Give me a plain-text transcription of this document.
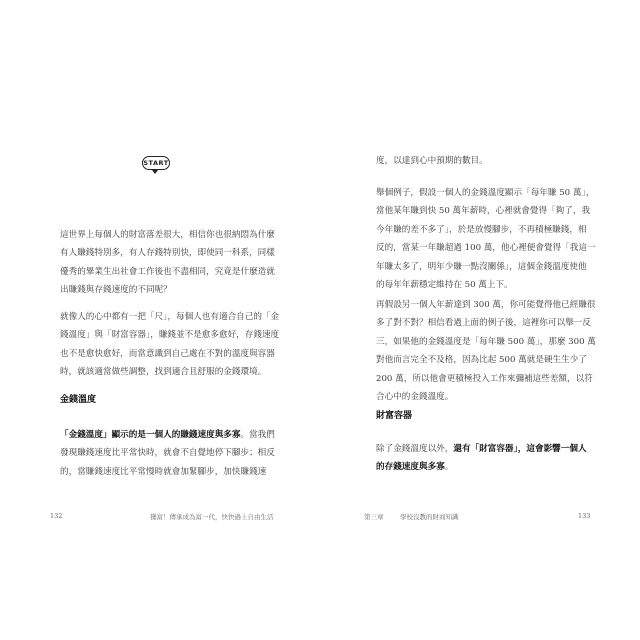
START
這世界上每個人的財富落差很大，相信你也很納悶為什麼
有人賺錢特別多，有人存錢特別快，即使同一科系，同樣
優秀的畢業生出社會工作後也不盡相同，究竟是什麼造就
出賺錢與存錢速度的不同呢？
就像人的心中都有一把「尺」，每個人也有適合自己的「金
錢溫度」與「財富容器」，賺錢並不是愈多愈好，存錢速度
也不是愈快愈好，而當意識到自己處在不對的溫度與容器
時，就該適當做些調整，找到適合且舒服的金錢環境。
金錢溫度
「金錢溫度」顯示的是一個人的賺錢速度與多寡。當我們
發現賺錢速度比平常快時，就會不自覺地停下腳步；相反
的，當賺錢速度比平常慢時就會加緊腳步，加快賺錢速
132	獲富！傳承成為富一代，快快過上自由生活
度，以達到心中預期的數目。
舉個例子，假設一個人的金錢溫度顯示「每年賺 50 萬」，
當他某年賺到快 50 萬年薪時，心裡就會覺得「夠了，我
今年賺的差不多了」，於是放慢腳步，不再積極賺錢，相
反的，當某一年賺超過 100 萬，他心裡便會覺得「我這一
年賺太多了，明年少賺一點沒關係」，這個金錢溫度使他
的每年年薪穩定維持在 50 萬上下。
再假設另一個人年薪達到 300 萬，你可能覺得他已經賺很
多了對不對？相信看過上面的例子後，這裡你可以舉一反
三，如果他的金錢溫度是「每年賺 500 萬」，那麼 300 萬
對他而言完全不及格，因為比起 500 萬就是硬生生少了
200 萬，所以他會更積極投入工作來彌補這些差額，以符
合心中的金錢溫度。
財富容器
除了金錢溫度以外，還有「財富容器」，這會影響一個人
的存錢速度與多寡。
第三章	學校沒教的財商知識	133
